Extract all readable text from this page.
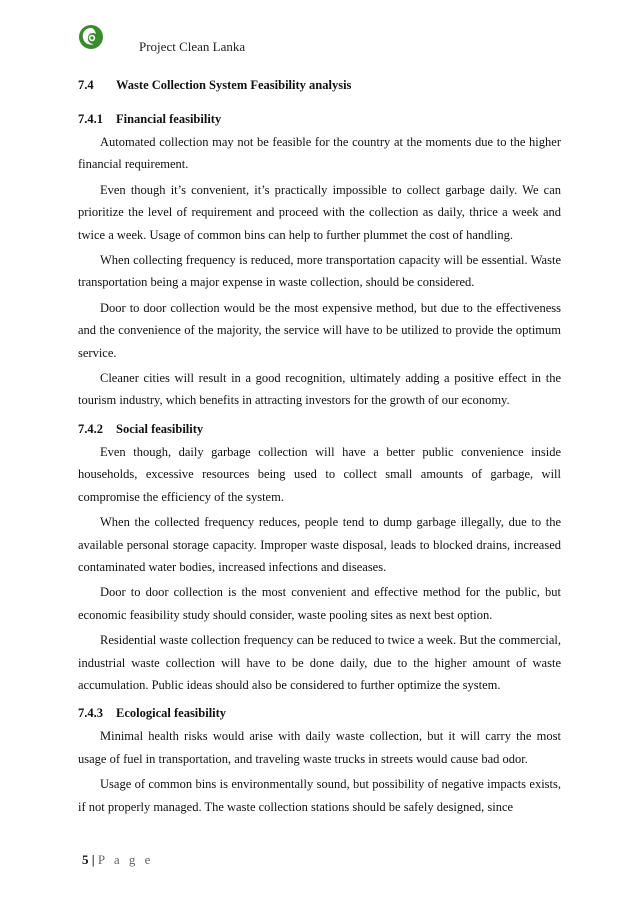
Project Clean Lanka
7.4 Waste Collection System Feasibility analysis
7.4.1 Financial feasibility

Automated collection may not be feasible for the country at the moments due to the higher financial requirement.

Even though it’s convenient, it’s practically impossible to collect garbage daily. We can prioritize the level of requirement and proceed with the collection as daily, thrice a week and twice a week. Usage of common bins can help to further plummet the cost of handling.

When collecting frequency is reduced, more transportation capacity will be essential. Waste transportation being a major expense in waste collection, should be considered.

Door to door collection would be the most expensive method, but due to the effectiveness and the convenience of the majority, the service will have to be utilized to provide the optimum service.

Cleaner cities will result in a good recognition, ultimately adding a positive effect in the tourism industry, which benefits in attracting investors for the growth of our economy.

7.4.2 Social feasibility

Even though, daily garbage collection will have a better public convenience inside households, excessive resources being used to collect small amounts of garbage, will compromise the efficiency of the system.

When the collected frequency reduces, people tend to dump garbage illegally, due to the available personal storage capacity. Improper waste disposal, leads to blocked drains, increased contaminated water bodies, increased infections and diseases.

Door to door collection is the most convenient and effective method for the public, but economic feasibility study should consider, waste pooling sites as next best option.

Residential waste collection frequency can be reduced to twice a week. But the commercial, industrial waste collection will have to be done daily, due to the higher amount of waste accumulation. Public ideas should also be considered to further optimize the system.

7.4.3 Ecological feasibility

Minimal health risks would arise with daily waste collection, but it will carry the most usage of fuel in transportation, and traveling waste trucks in streets would cause bad odor.

Usage of common bins is environmentally sound, but possibility of negative impacts exists, if not properly managed. The waste collection stations should be safely designed, since

5 | P a g e
